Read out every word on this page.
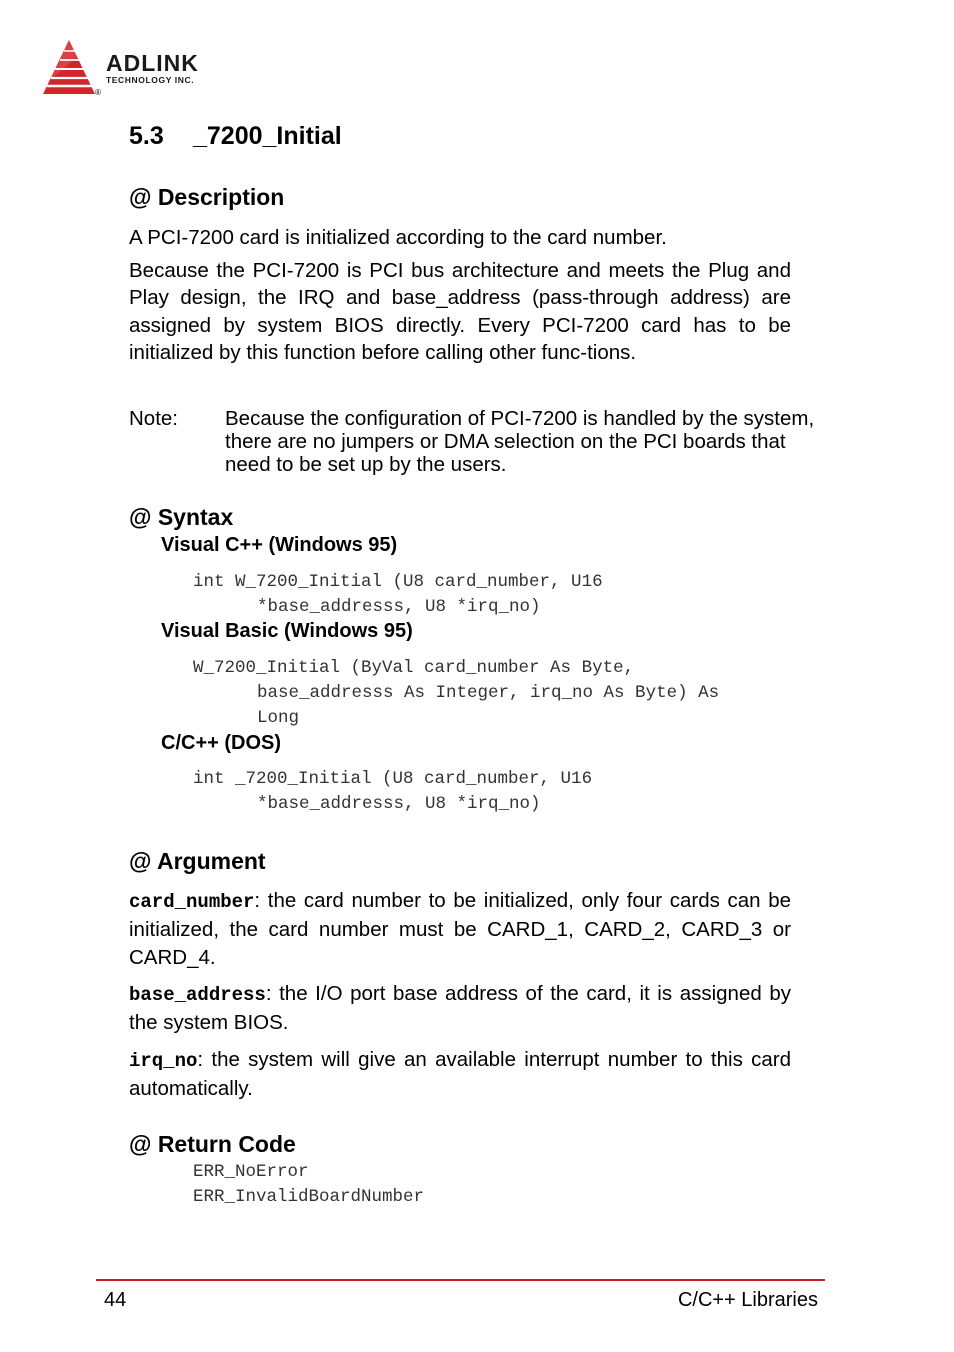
ADLINK
TECHNOLOGY INC.
®
5.3 _7200_Initial
@ Description
A PCI-7200 card is initialized according to the card number.
Because the PCI-7200 is PCI bus architecture and meets the Plug and Play design, the IRQ and base_address (pass-through address) are assigned by system BIOS directly. Every PCI-7200 card has to be initialized by this function before calling other func-tions.
Note: Because the configuration of PCI-7200 is handled by the system, there are no jumpers or DMA selection on the PCI boards that need to be set up by the users.
@ Syntax
Visual C++ (Windows 95)
int W_7200_Initial (U8 card_number, U16
*base_addresss, U8 *irq_no)
Visual Basic (Windows 95)
W_7200_Initial (ByVal card_number As Byte,
base_addresss As Integer, irq_no As Byte) As
Long
C/C++ (DOS)
int _7200_Initial (U8 card_number, U16
*base_addresss, U8 *irq_no)
@ Argument
card_number: the card number to be initialized, only four cards can be initialized, the card number must be CARD_1, CARD_2, CARD_3 or CARD_4.
base_address: the I/O port base address of the card, it is assigned by the system BIOS.
irq_no: the system will give an available interrupt number to this card automatically.
@ Return Code
ERR_NoError
ERR_InvalidBoardNumber
44	C/C++ Libraries
